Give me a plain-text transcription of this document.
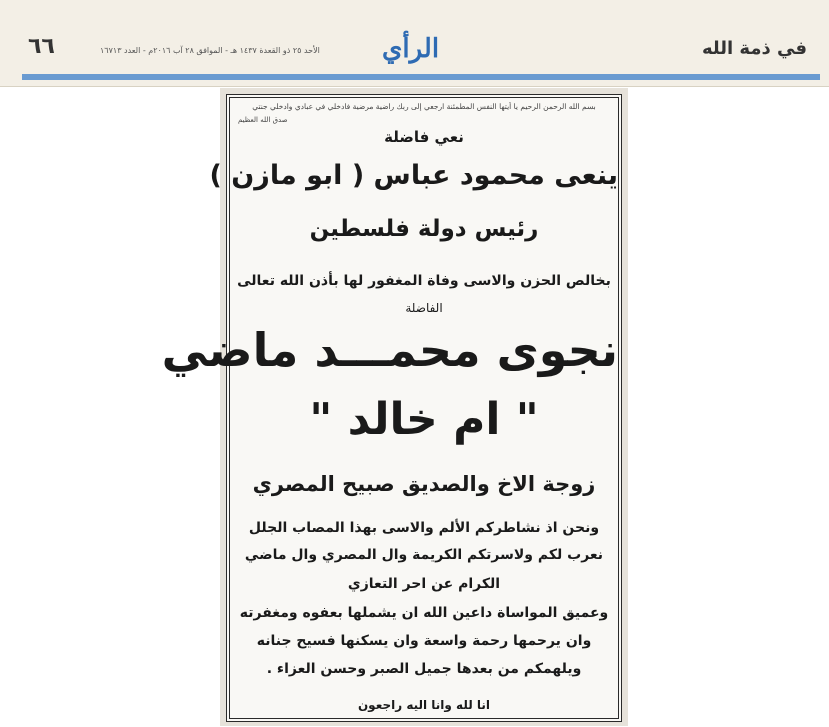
٦٦	الأحد ٢٥ ذو القعدة ١٤٣٧ هـ - الموافق ٢٨ آب ٢٠١٦م - العدد ١٦٧١٣ الرأي	في ذمة الله
بسم الله الرحمن الرحيم يا أيتها النفس المطمئنة ارجعي إلى ربك راضية مرضية فادخلي في عبادي وادخلي جنتي
صدق الله العظيم
نعي فاضلة
ينعى محمود عباس ( ابو مازن )
رئيس دولة فلسطين
بخالص الحزن والاسى وفاة المغفور لها بأذن الله تعالى
الفاضلة
نجوى محمـــد ماضي
" ام خالد "
زوجة الاخ والصديق صبيح المصري
ونحن اذ نشاطركم الألم والاسى بهذا المصاب الجلل
نعرب لكم ولاسرتكم الكريمة وال المصري وال ماضي
الكرام عن احر التعازي
وعميق المواساة داعين الله ان يشملها بعفوه ومغفرته
وان يرحمها رحمة واسعة وان يسكنها فسيح جنانه
ويلهمكم من بعدها جميل الصبر وحسن العزاء .
انا لله وانا اليه راجعون
